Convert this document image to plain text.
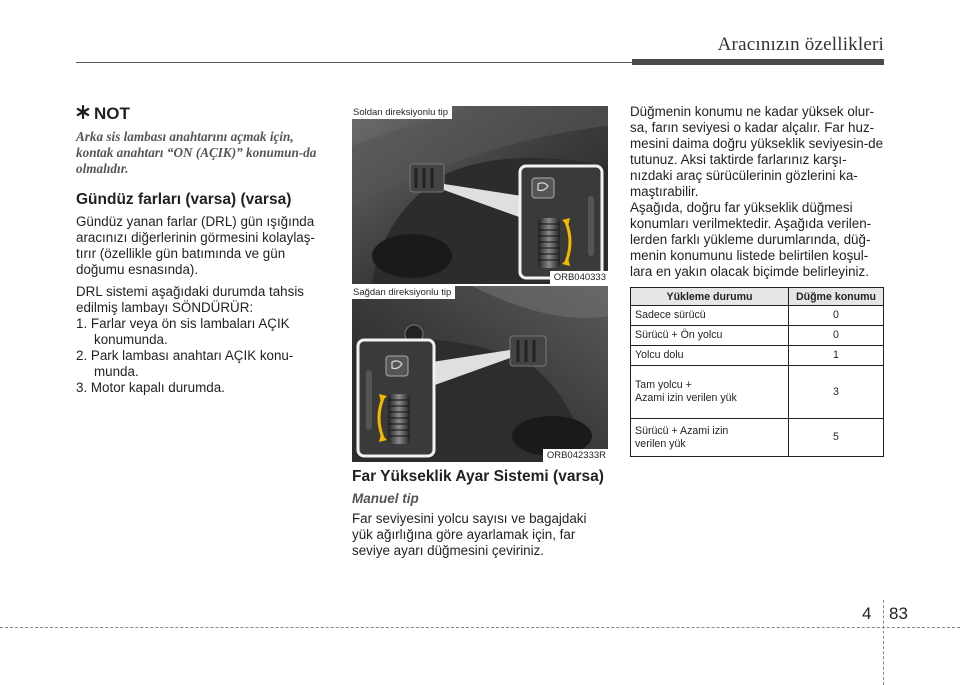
Aracınızın özellikleri
NOT
Arka sis lambası anahtarını açmak için, kontak anahtarı “ON (AÇIK)” konumun-da olmalıdır.
Gündüz farları (varsa) (varsa)
Gündüz yanan farlar (DRL) gün ışığında aracınızı diğerlerinin görmesini kolaylaş-tırır (özellikle gün batımında ve gün doğumu esnasında).
DRL sistemi aşağıdaki durumda tahsis edilmiş lambayı SÖNDÜRÜR:
1. Farlar veya ön sis lambaları AÇIK konumunda.
2. Park lambası anahtarı AÇIK konu-munda.
3. Motor kapalı durumda.
Soldan direksiyonlu tip
ORB040333
Sağdan direksiyonlu tip
ORB042333R
Far Yükseklik Ayar Sistemi (varsa)
Manuel tip
Far seviyesini yolcu sayısı ve bagajdaki yük ağırlığına göre ayarlamak için, far seviye ayarı düğmesini çeviriniz.
Düğmenin konumu ne kadar yüksek olur-sa, farın seviyesi o kadar alçalır. Far huz-mesini daima doğru yükseklik seviyesin-de tutunuz. Aksi taktirde farlarınız karşı-nızdaki araç sürücülerinin gözlerini ka-maştırabilir.
Aşağıda, doğru far yükseklik düğmesi konumları verilmektedir. Aşağıda verilen-lerden farklı yükleme durumlarında, düğ-menin konumunu listede belirtilen koşul-lara en yakın olacak biçimde belirleyiniz.
Yükleme durumu	Düğme konumu
Sadece sürücü	0
Sürücü + Ön yolcu	0
Yolcu dolu	1
Tam yolcu +
Azami izin verilen yük	3
Sürücü + Azami izin
verilen yük	5
4 83
